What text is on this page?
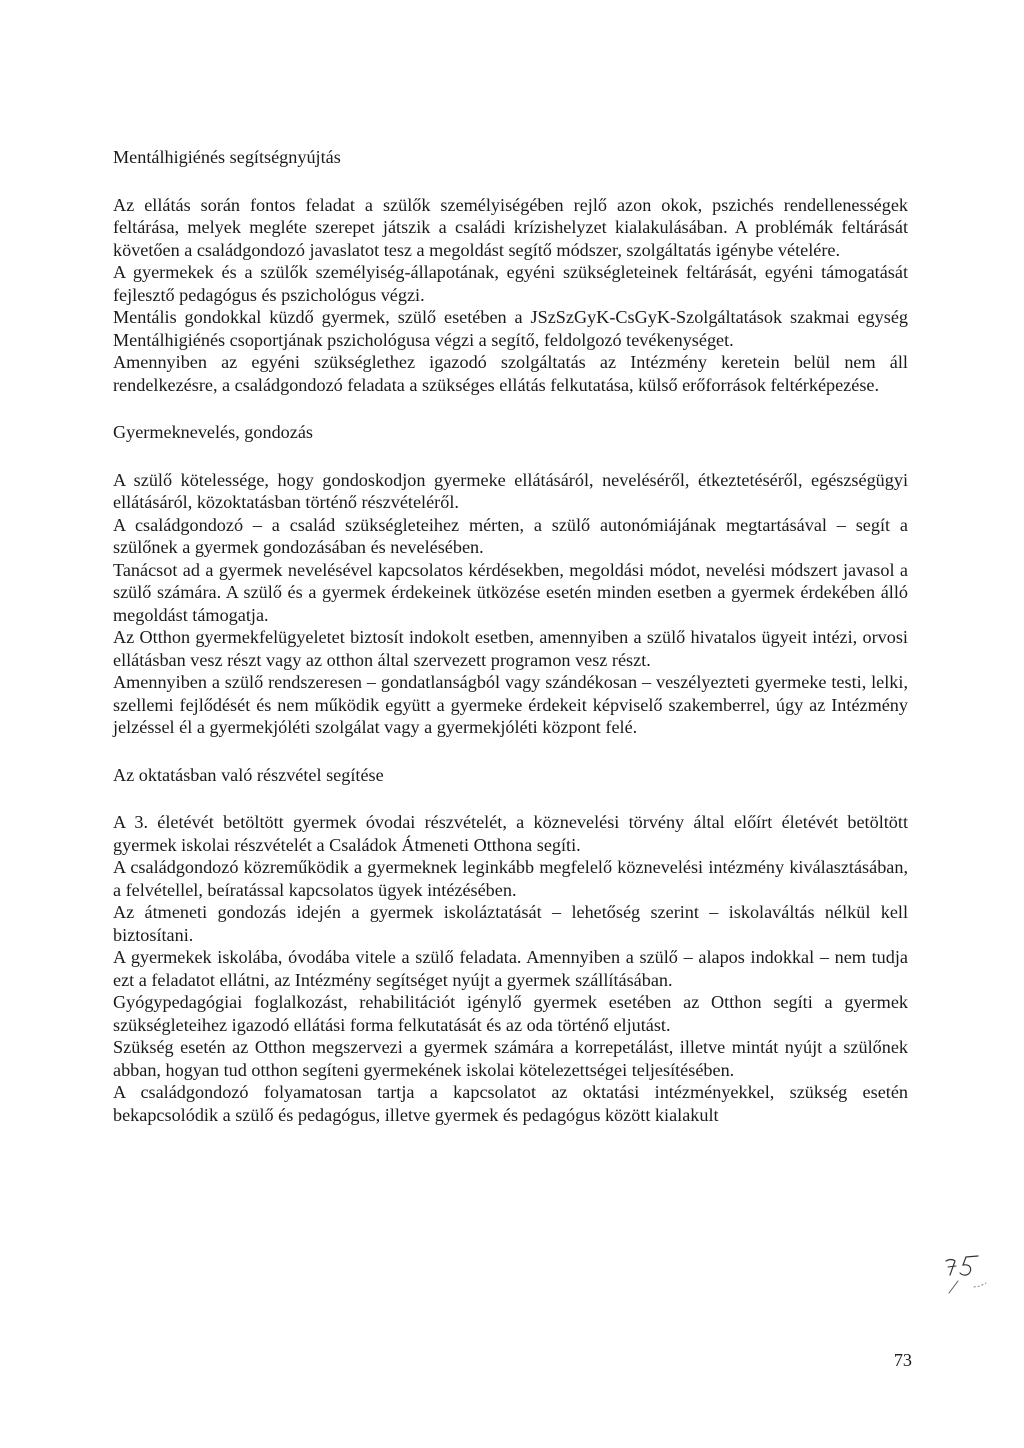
Mentálhigiénés segítségnyújtás

Az ellátás során fontos feladat a szülők személyiségében rejlő azon okok, pszichés rendellenességek feltárása, melyek megléte szerepet játszik a családi krízishelyzet kialakulásában. A problémák feltárását követően a családgondozó javaslatot tesz a megoldást segítő módszer, szolgáltatás igénybe vételére.

A gyermekek és a szülők személyiség-állapotának, egyéni szükségleteinek feltárását, egyéni támogatását fejlesztő pedagógus és pszichológus végzi.

Mentális gondokkal küzdő gyermek, szülő esetében a JSzSzGyK-CsGyK-Szolgáltatások szakmai egység Mentálhigiénés csoportjának pszichológusa végzi a segítő, feldolgozó tevékenységet.

Amennyiben az egyéni szükséglethez igazodó szolgáltatás az Intézmény keretein belül nem áll rendelkezésre, a családgondozó feladata a szükséges ellátás felkutatása, külső erőforrások feltérképezése.

Gyermeknevelés, gondozás

A szülő kötelessége, hogy gondoskodjon gyermeke ellátásáról, neveléséről, étkeztetéséről, egészségügyi ellátásáról, közoktatásban történő részvételéről.

A családgondozó – a család szükségleteihez mérten, a szülő autonómiájának megtartásával – segít a szülőnek a gyermek gondozásában és nevelésében.

Tanácsot ad a gyermek nevelésével kapcsolatos kérdésekben, megoldási módot, nevelési módszert javasol a szülő számára. A szülő és a gyermek érdekeinek ütközése esetén minden esetben a gyermek érdekében álló megoldást támogatja.

Az Otthon gyermekfelügyeletet biztosít indokolt esetben, amennyiben a szülő hivatalos ügyeit intézi, orvosi ellátásban vesz részt vagy az otthon által szervezett programon vesz részt.

Amennyiben a szülő rendszeresen – gondatlanságból vagy szándékosan – veszélyezteti gyermeke testi, lelki, szellemi fejlődését és nem működik együtt a gyermeke érdekeit képviselő szakemberrel, úgy az Intézmény jelzéssel él a gyermekjóléti szolgálat vagy a gyermekjóléti központ felé.

Az oktatásban való részvétel segítése

A 3. életévét betöltött gyermek óvodai részvételét, a köznevelési törvény által előírt életévét betöltött gyermek iskolai részvételét a Családok Átmeneti Otthona segíti.

A családgondozó közreműködik a gyermeknek leginkább megfelelő köznevelési intézmény kiválasztásában, a felvétellel, beíratással kapcsolatos ügyek intézésében.

Az átmeneti gondozás idején a gyermek iskoláztatását – lehetőség szerint – iskolaváltás nélkül kell biztosítani.

A gyermekek iskolába, óvodába vitele a szülő feladata. Amennyiben a szülő – alapos indokkal – nem tudja ezt a feladatot ellátni, az Intézmény segítséget nyújt a gyermek szállításában.

Gyógypedagógiai foglalkozást, rehabilitációt igénylő gyermek esetében az Otthon segíti a gyermek szükségleteihez igazodó ellátási forma felkutatását és az oda történő eljutást.

Szükség esetén az Otthon megszervezi a gyermek számára a korrepetálást, illetve mintát nyújt a szülőnek abban, hogyan tud otthon segíteni gyermekének iskolai kötelezettségei teljesítésében.

A családgondozó folyamatosan tartja a kapcsolatot az oktatási intézményekkel, szükség esetén bekapcsolódik a szülő és pedagógus, illetve gyermek és pedagógus között kialakult

73
